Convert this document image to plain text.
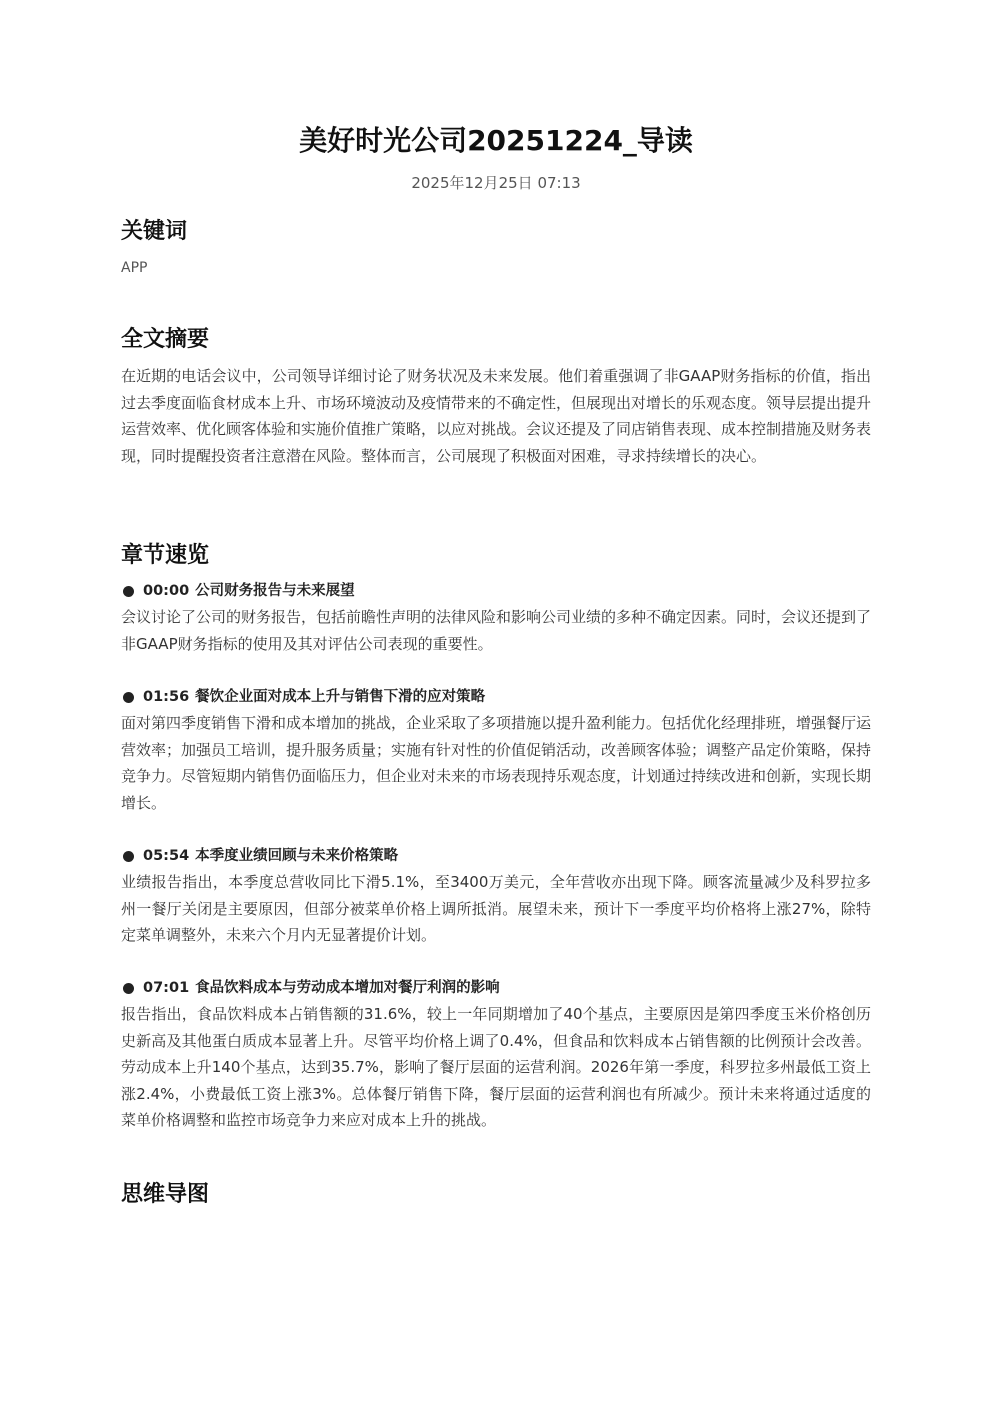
美好时光公司20251224_导读
2025年12月25日 07:13
关键词
APP
全文摘要

在近期的电话会议中，公司领导详细讨论了财务状况及未来发展。他们着重强调了非GAAP财务指标的价值，指出过去季度面临食材成本上升、市场环境波动及疫情带来的不确定性，但展现出对增长的乐观态度。领导层提出提升运营效率、优化顾客体验和实施价值推广策略，以应对挑战。会议还提及了同店销售表现、成本控制措施及财务表现，同时提醒投资者注意潜在风险。整体而言，公司展现了积极面对困难，寻求持续增长的决心。

章节速览
00:00 公司财务报告与未来展望

会议讨论了公司的财务报告，包括前瞻性声明的法律风险和影响公司业绩的多种不确定因素。同时，会议还提到了非GAAP财务指标的使用及其对评估公司表现的重要性。

01:56 餐饮企业面对成本上升与销售下滑的应对策略

面对第四季度销售下滑和成本增加的挑战，企业采取了多项措施以提升盈利能力。包括优化经理排班，增强餐厅运营效率；加强员工培训，提升服务质量；实施有针对性的价值促销活动，改善顾客体验；调整产品定价策略，保持竞争力。尽管短期内销售仍面临压力，但企业对未来的市场表现持乐观态度，计划通过持续改进和创新，实现长期增长。

05:54 本季度业绩回顾与未来价格策略

业绩报告指出，本季度总营收同比下滑5.1%，至3400万美元，全年营收亦出现下降。顾客流量减少及科罗拉多州一餐厅关闭是主要原因，但部分被菜单价格上调所抵消。展望未来，预计下一季度平均价格将上涨27%，除特定菜单调整外，未来六个月内无显著提价计划。

07:01 食品饮料成本与劳动成本增加对餐厅利润的影响

报告指出，食品饮料成本占销售额的31.6%，较上一年同期增加了40个基点，主要原因是第四季度玉米价格创历史新高及其他蛋白质成本显著上升。尽管平均价格上调了0.4%，但食品和饮料成本占销售额的比例预计会改善。劳动成本上升140个基点，达到35.7%，影响了餐厅层面的运营利润。2026年第一季度，科罗拉多州最低工资上涨2.4%，小费最低工资上涨3%。总体餐厅销售下降，餐厅层面的运营利润也有所减少。预计未来将通过适度的菜单价格调整和监控市场竞争力来应对成本上升的挑战。

思维导图
